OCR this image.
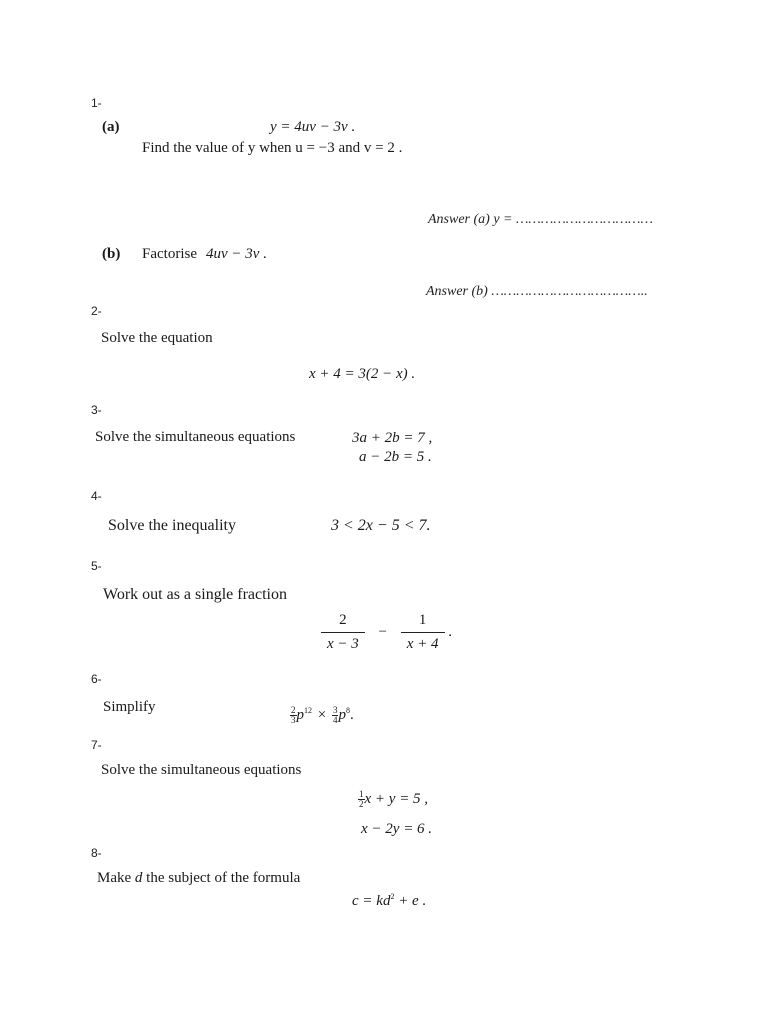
1-
(a)	y = 4uv − 3v .
Find the value of y when u = −3 and v = 2 .
Answer (a) y = ……………………………
(b) Factorise 4uv − 3v .
Answer (b) ………………………………..
2-
Solve the equation
x + 4 = 3(2 − x) .
3-
Solve the simultaneous equations	3a + 2b = 7 ,
a − 2b = 5 .
4-
Solve the inequality	3 < 2x − 5 < 7.
5-
Work out as a single fraction
$\frac{2}{x - 3} - \frac{1}{x + 4}$ .
6-
Simplify	$\frac{2}{3} p^{12} \times \frac{3}{4} p^8$.
7-
Solve the simultaneous equations
$\frac{1}{2}$ x + y = 5 ,
x − 2y = 6 .
8-
Make d the subject of the formula
$c = kd^2 + e$ .
